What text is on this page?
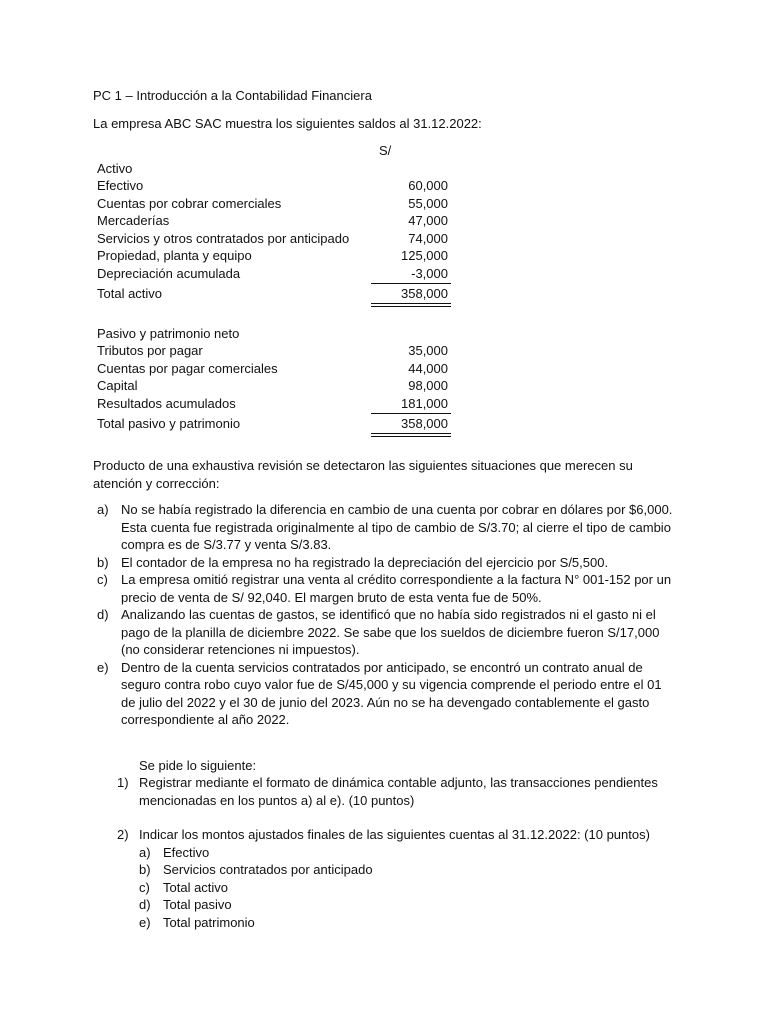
PC 1 – Introducción a la Contabilidad Financiera
La empresa ABC SAC muestra los siguientes saldos al 31.12.2022:
S/
Activo
Efectivo	60,000
Cuentas por cobrar comerciales	55,000
Mercaderías	47,000
Servicios y otros contratados por anticipado	74,000
Propiedad, planta y equipo	125,000
Depreciación acumulada	-3,000
Total activo	358,000
Pasivo y patrimonio neto
Tributos por pagar	35,000
Cuentas por pagar comerciales	44,000
Capital	98,000
Resultados acumulados	181,000
Total pasivo y patrimonio	358,000
Producto de una exhaustiva revisión se detectaron las siguientes situaciones que merecen su atención y corrección:
a) No se había registrado la diferencia en cambio de una cuenta por cobrar en dólares por $6,000. Esta cuenta fue registrada originalmente al tipo de cambio de S/3.70; al cierre el tipo de cambio compra es de S/3.77 y venta S/3.83.
b) El contador de la empresa no ha registrado la depreciación del ejercicio por S/5,500.
c) La empresa omitió registrar una venta al crédito correspondiente a la factura N° 001-152 por un precio de venta de S/ 92,040. El margen bruto de esta venta fue de 50%.
d) Analizando las cuentas de gastos, se identificó que no había sido registrados ni el gasto ni el pago de la planilla de diciembre 2022. Se sabe que los sueldos de diciembre fueron S/17,000 (no considerar retenciones ni impuestos).
e) Dentro de la cuenta servicios contratados por anticipado, se encontró un contrato anual de seguro contra robo cuyo valor fue de S/45,000 y su vigencia comprende el periodo entre el 01 de julio del 2022 y el 30 de junio del 2023. Aún no se ha devengado contablemente el gasto correspondiente al año 2022.
Se pide lo siguiente:
1) Registrar mediante el formato de dinámica contable adjunto, las transacciones pendientes mencionadas en los puntos a) al e). (10 puntos)
2) Indicar los montos ajustados finales de las siguientes cuentas al 31.12.2022: (10 puntos)
a) Efectivo
b) Servicios contratados por anticipado
c) Total activo
d) Total pasivo
e) Total patrimonio
